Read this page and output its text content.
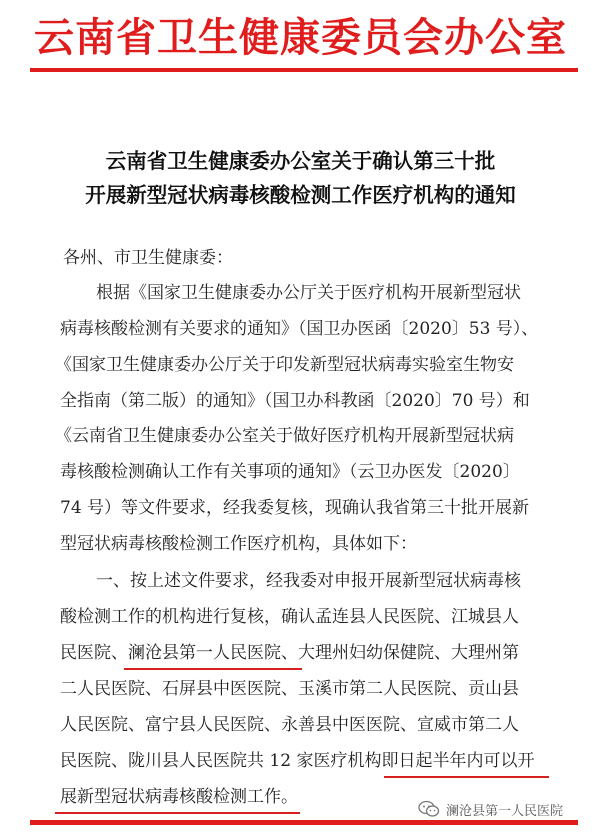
云南省卫生健康委员会办公室
云南省卫生健康委办公室关于确认第三十批
开展新型冠状病毒核酸检测工作医疗机构的通知
各州、市卫生健康委：
根据《国家卫生健康委办公厅关于医疗机构开展新型冠状
病毒核酸检测有关要求的通知》（国卫办医函〔2020〕53 号）、
《国家卫生健康委办公厅关于印发新型冠状病毒实验室生物安
全指南（第二版）的通知》（国卫办科教函〔2020〕70 号）和
《云南省卫生健康委办公室关于做好医疗机构开展新型冠状病
毒核酸检测确认工作有关事项的通知》（云卫办医发〔2020〕
74 号）等文件要求，经我委复核，现确认我省第三十批开展新
型冠状病毒核酸检测工作医疗机构，具体如下：
一、按上述文件要求，经我委对申报开展新型冠状病毒核
酸检测工作的机构进行复核，确认孟连县人民医院、江城县人
民医院、澜沧县第一人民医院、大理州妇幼保健院、大理州第
二人民医院、石屏县中医医院、玉溪市第二人民医院、贡山县
人民医院、富宁县人民医院、永善县中医医院、宣威市第二人
民医院、陇川县人民医院共 12 家医疗机构即日起半年内可以开
展新型冠状病毒核酸检测工作。
澜沧县第一人民医院
